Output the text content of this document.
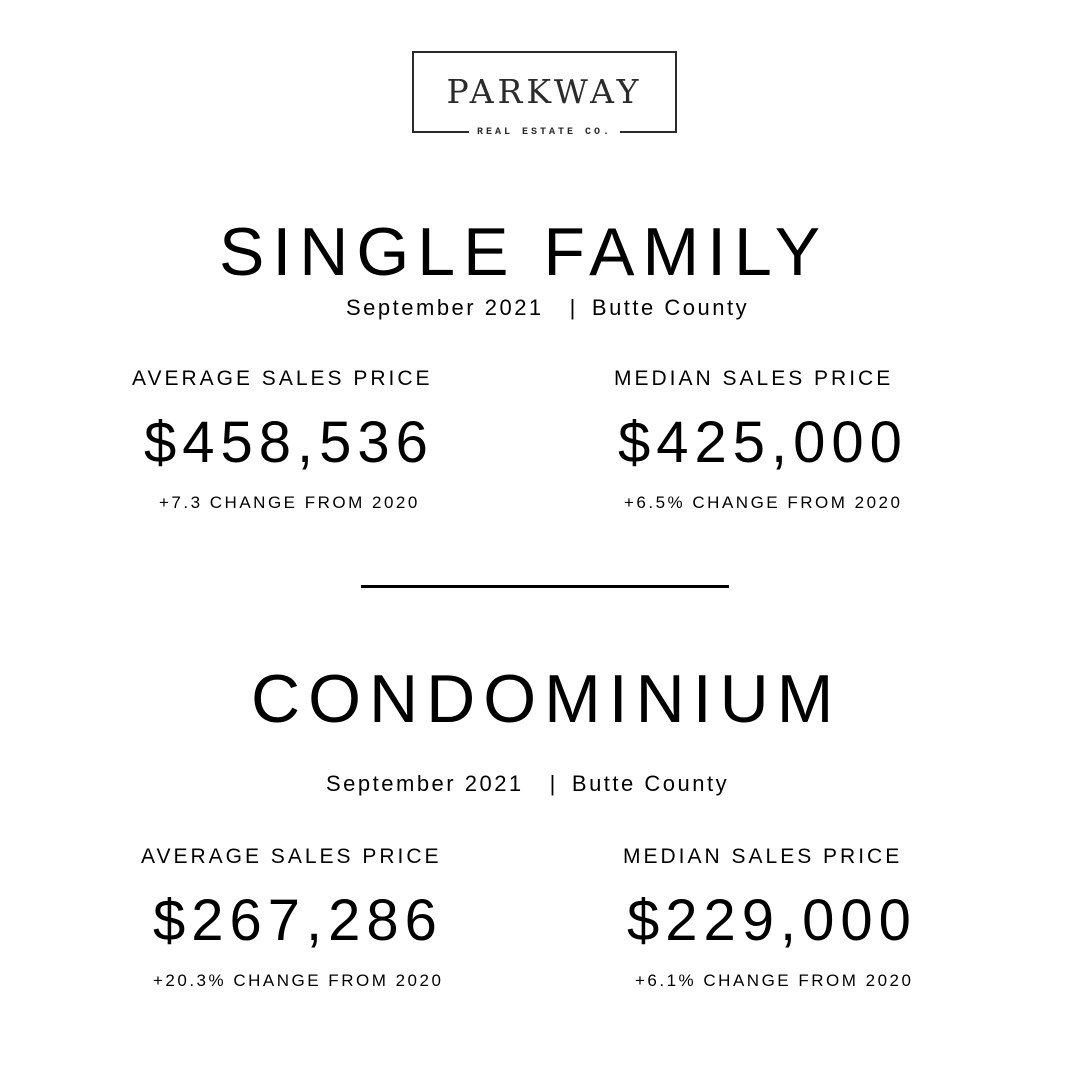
PARKWAY
REAL ESTATE CO.
SINGLE FAMILY
September 2021 | Butte County
AVERAGE SALES PRICE
$458,536
+7.3 CHANGE FROM 2020
MEDIAN SALES PRICE
$425,000
+6.5% CHANGE FROM 2020
CONDOMINIUM
September 2021 | Butte County
AVERAGE SALES PRICE
$267,286
+20.3% CHANGE FROM 2020
MEDIAN SALES PRICE
$229,000
+6.1% CHANGE FROM 2020
